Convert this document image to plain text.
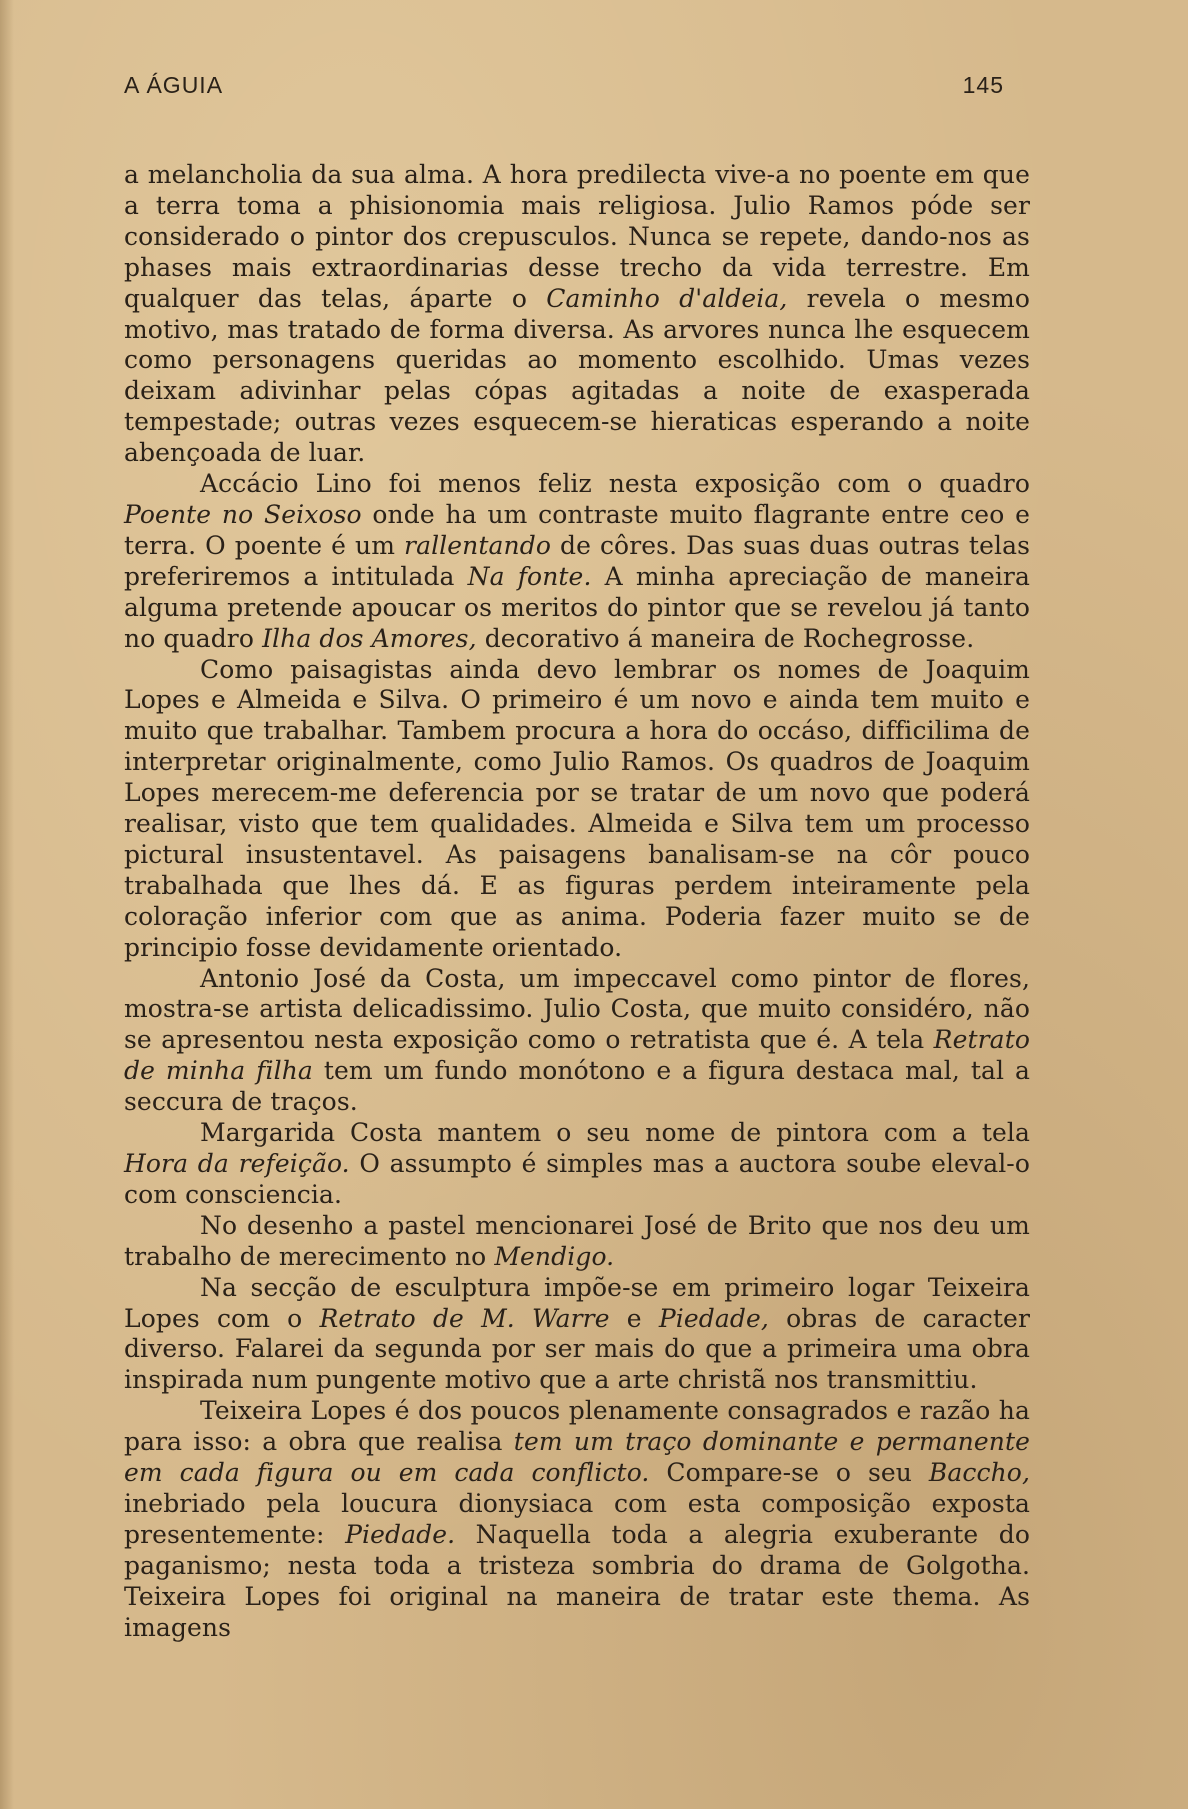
A ÁGUIA	145

a melancholia da sua alma. A hora predilecta vive-a no poente em que a terra toma a phisionomia mais religiosa. Julio Ramos póde ser considerado o pintor dos crepusculos. Nunca se repete, dando-nos as phases mais extraordinarias desse trecho da vida terrestre. Em qualquer das telas, áparte o Caminho d'aldeia, revela o mesmo motivo, mas tratado de forma diversa. As arvores nunca lhe esquecem como personagens queridas ao momento escolhido. Umas vezes deixam adivinhar pelas cópas agitadas a noite de exasperada tempestade; outras vezes esquecem-se hieraticas esperando a noite abençoada de luar.

Accácio Lino foi menos feliz nesta exposição com o quadro Poente no Seixoso onde ha um contraste muito flagrante entre ceo e terra. O poente é um rallentando de côres. Das suas duas outras telas preferiremos a intitulada Na fonte. A minha apreciação de maneira alguma pretende apoucar os meritos do pintor que se revelou já tanto no quadro Ilha dos Amores, decorativo á maneira de Rochegrosse.

Como paisagistas ainda devo lembrar os nomes de Joaquim Lopes e Almeida e Silva. O primeiro é um novo e ainda tem muito e muito que trabalhar. Tambem procura a hora do occáso, difficilima de interpretar originalmente, como Julio Ramos. Os quadros de Joaquim Lopes merecem-me deferencia por se tratar de um novo que poderá realisar, visto que tem qualidades. Almeida e Silva tem um processo pictural insustentavel. As paisagens banalisam-se na côr pouco trabalhada que lhes dá. E as figuras perdem inteiramente pela coloração inferior com que as anima. Poderia fazer muito se de principio fosse devidamente orientado.

Antonio José da Costa, um impeccavel como pintor de flores, mostra-se artista delicadissimo. Julio Costa, que muito considéro, não se apresentou nesta exposição como o retratista que é. A tela Retrato de minha filha tem um fundo monótono e a figura destaca mal, tal a seccura de traços.

Margarida Costa mantem o seu nome de pintora com a tela Hora da refeição. O assumpto é simples mas a auctora soube eleval-o com consciencia.

No desenho a pastel mencionarei José de Brito que nos deu um trabalho de merecimento no Mendigo.

Na secção de esculptura impõe-se em primeiro logar Teixeira Lopes com o Retrato de M. Warre e Piedade, obras de caracter diverso. Falarei da segunda por ser mais do que a primeira uma obra inspirada num pungente motivo que a arte christã nos transmittiu.

Teixeira Lopes é dos poucos plenamente consagrados e razão ha para isso: a obra que realisa tem um traço dominante e permanente em cada figura ou em cada conflicto. Compare-se o seu Baccho, inebriado pela loucura dionysiaca com esta composição exposta presentemente: Piedade. Naquella toda a alegria exuberante do paganismo; nesta toda a tristeza sombria do drama de Golgotha. Teixeira Lopes foi original na maneira de tratar este thema. As imagens
